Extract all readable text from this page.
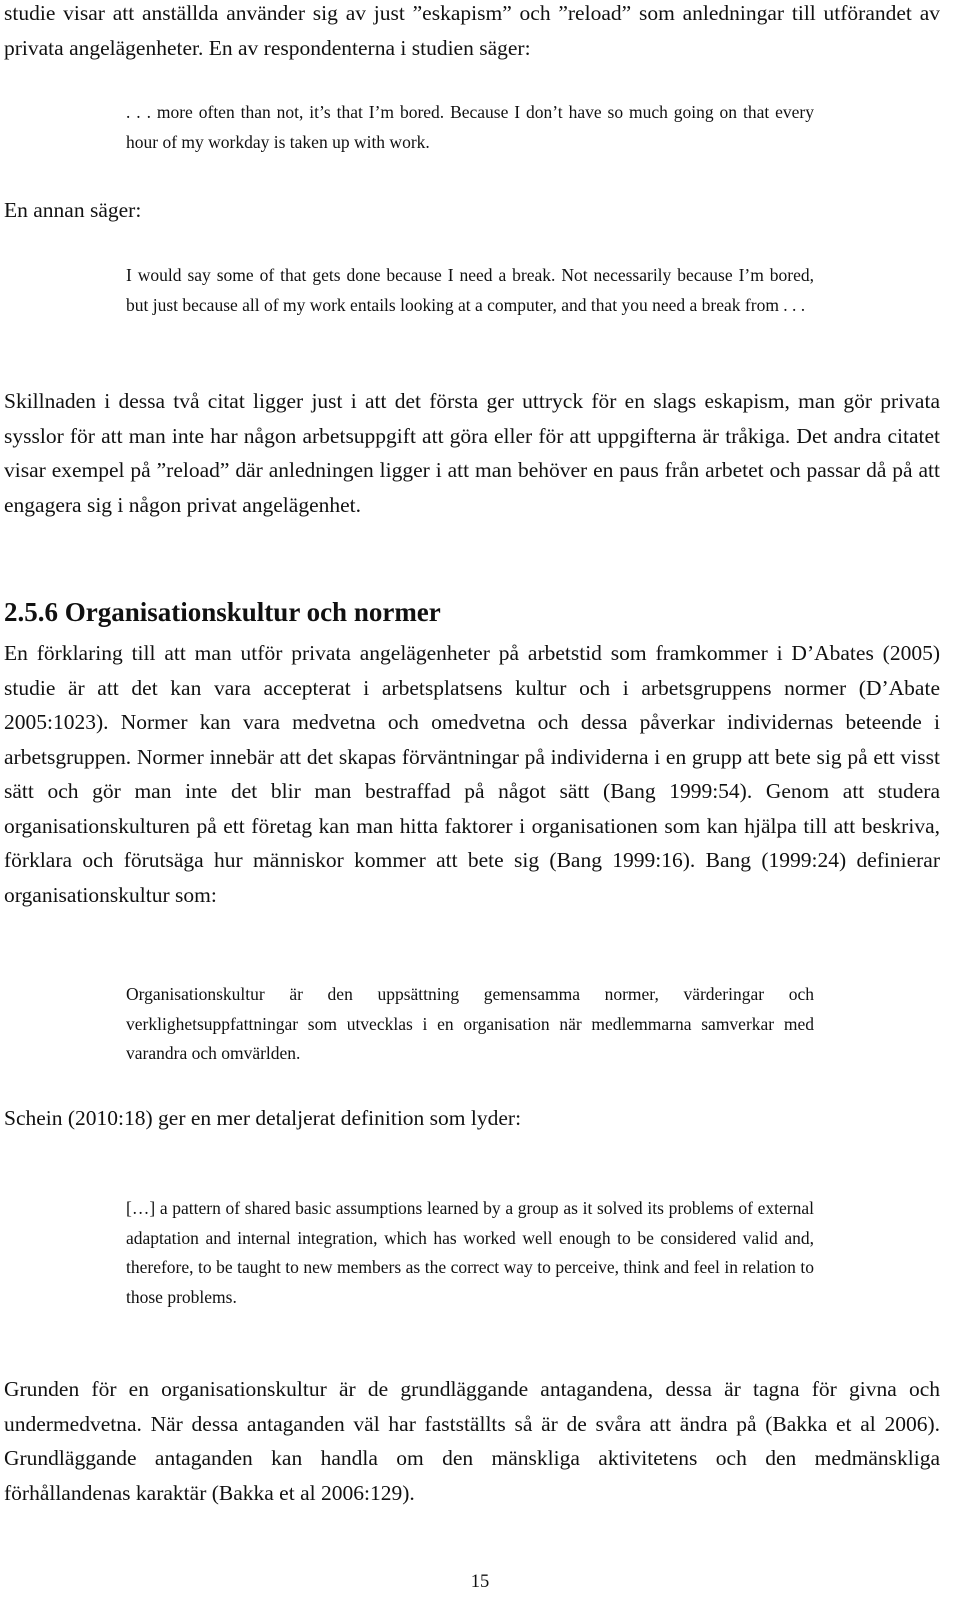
studie visar att anställda använder sig av just ”eskapism” och ”reload” som anledningar till utförandet av privata angelägenheter. En av respondenterna i studien säger:

. . . more often than not, it’s that I’m bored. Because I don’t have so much going on that every hour of my workday is taken up with work.

En annan säger:

I would say some of that gets done because I need a break. Not necessarily because I’m bored, but just because all of my work entails looking at a computer, and that you need a break from . . .

Skillnaden i dessa två citat ligger just i att det första ger uttryck för en slags eskapism, man gör privata sysslor för att man inte har någon arbetsuppgift att göra eller för att uppgifterna är tråkiga. Det andra citatet visar exempel på ”reload” där anledningen ligger i att man behöver en paus från arbetet och passar då på att engagera sig i någon privat angelägenhet.

2.5.6 Organisationskultur och normer

En förklaring till att man utför privata angelägenheter på arbetstid som framkommer i D’Abates (2005) studie är att det kan vara accepterat i arbetsplatsens kultur och i arbetsgruppens normer (D’Abate 2005:1023). Normer kan vara medvetna och omedvetna och dessa påverkar individernas beteende i arbetsgruppen. Normer innebär att det skapas förväntningar på individerna i en grupp att bete sig på ett visst sätt och gör man inte det blir man bestraffad på något sätt (Bang 1999:54). Genom att studera organisationskulturen på ett företag kan man hitta faktorer i organisationen som kan hjälpa till att beskriva, förklara och förutsäga hur människor kommer att bete sig (Bang 1999:16). Bang (1999:24) definierar organisationskultur som:

Organisationskultur är den uppsättning gemensamma normer, värderingar och verklighetsuppfattningar som utvecklas i en organisation när medlemmarna samverkar med varandra och omvärlden.

Schein (2010:18) ger en mer detaljerat definition som lyder:

[…] a pattern of shared basic assumptions learned by a group as it solved its problems of external adaptation and internal integration, which has worked well enough to be considered valid and, therefore, to be taught to new members as the correct way to perceive, think and feel in relation to those problems.

Grunden för en organisationskultur är de grundläggande antagandena, dessa är tagna för givna och undermedvetna. När dessa antaganden väl har fastställts så är de svåra att ändra på (Bakka et al 2006). Grundläggande antaganden kan handla om den mänskliga aktivitetens och den medmänskliga förhållandenas karaktär (Bakka et al 2006:129).

15
